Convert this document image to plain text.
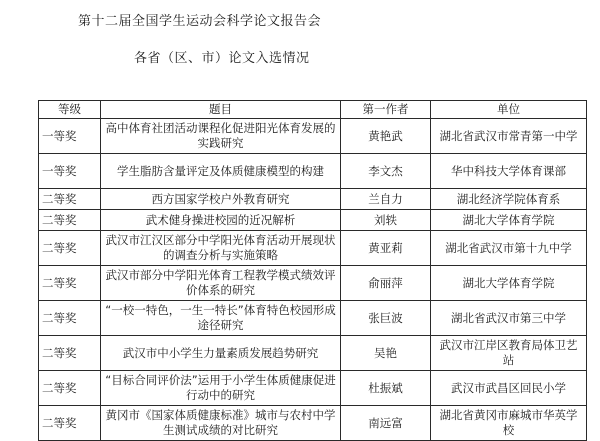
第十二届全国学生运动会科学论文报告会
各省（区、市）论文入选情况
等级	题目	第一作者	单位
一等奖	高中体育社团活动课程化促进阳光体育发展的实践研究	黄艳武	湖北省武汉市常青第一中学
一等奖	学生脂肪含量评定及体质健康模型的构建	李文杰	华中科技大学体育课部
二等奖	西方国家学校户外教育研究	兰自力	湖北经济学院体育系
二等奖	武术健身操进校园的近况解析	刘轶	湖北大学体育学院
二等奖	武汉市江汉区部分中学阳光体育活动开展现状的调查分析与实施策略	黄亚莉	湖北省武汉市第十九中学
二等奖	武汉市部分中学阳光体育工程教学模式绩效评价体系的研究	俞丽萍	湖北大学体育学院
二等奖	“一校一特色，一生一特长”体育特色校园形成途径研究	张巨波	湖北省武汉市第三中学
二等奖	武汉市中小学生力量素质发展趋势研究	吴艳	武汉市江岸区教育局体卫艺站
二等奖	“目标合同评价法”运用于小学生体质健康促进行动中的研究	杜振斌	武汉市武昌区回民小学
二等奖	黄冈市《国家体质健康标准》城市与农村中学生测试成绩的对比研究	南远富	湖北省黄冈市麻城市华英学校
